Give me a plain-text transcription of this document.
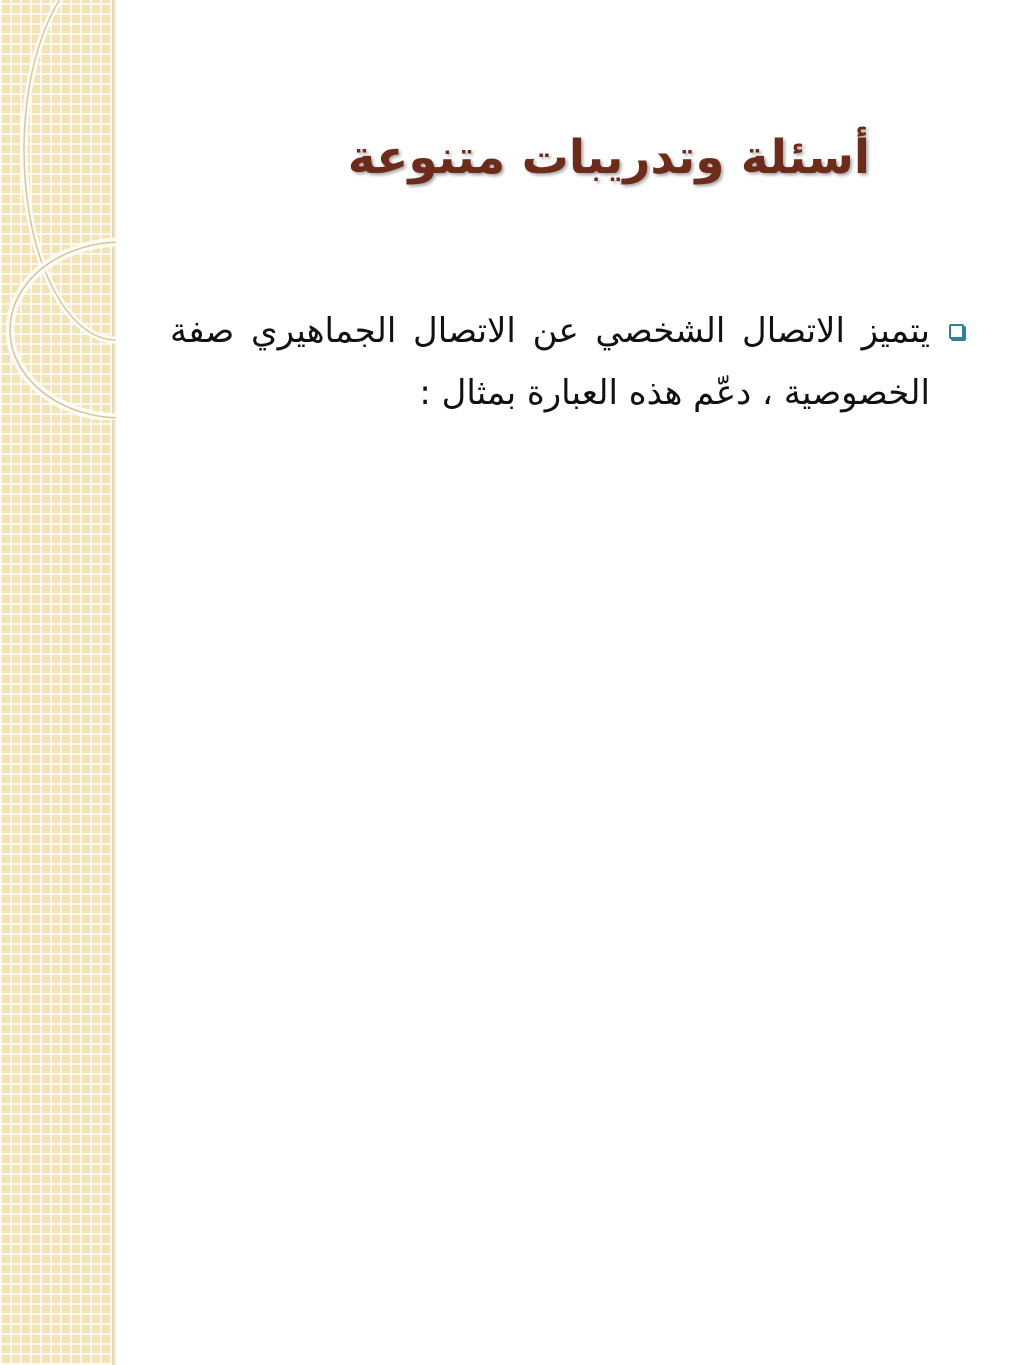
أسئلة وتدريبات متنوعة
يتميز الاتصال الشخصي عن الاتصال الجماهيري صفة الخصوصية ، دعّم هذه العبارة بمثال :
